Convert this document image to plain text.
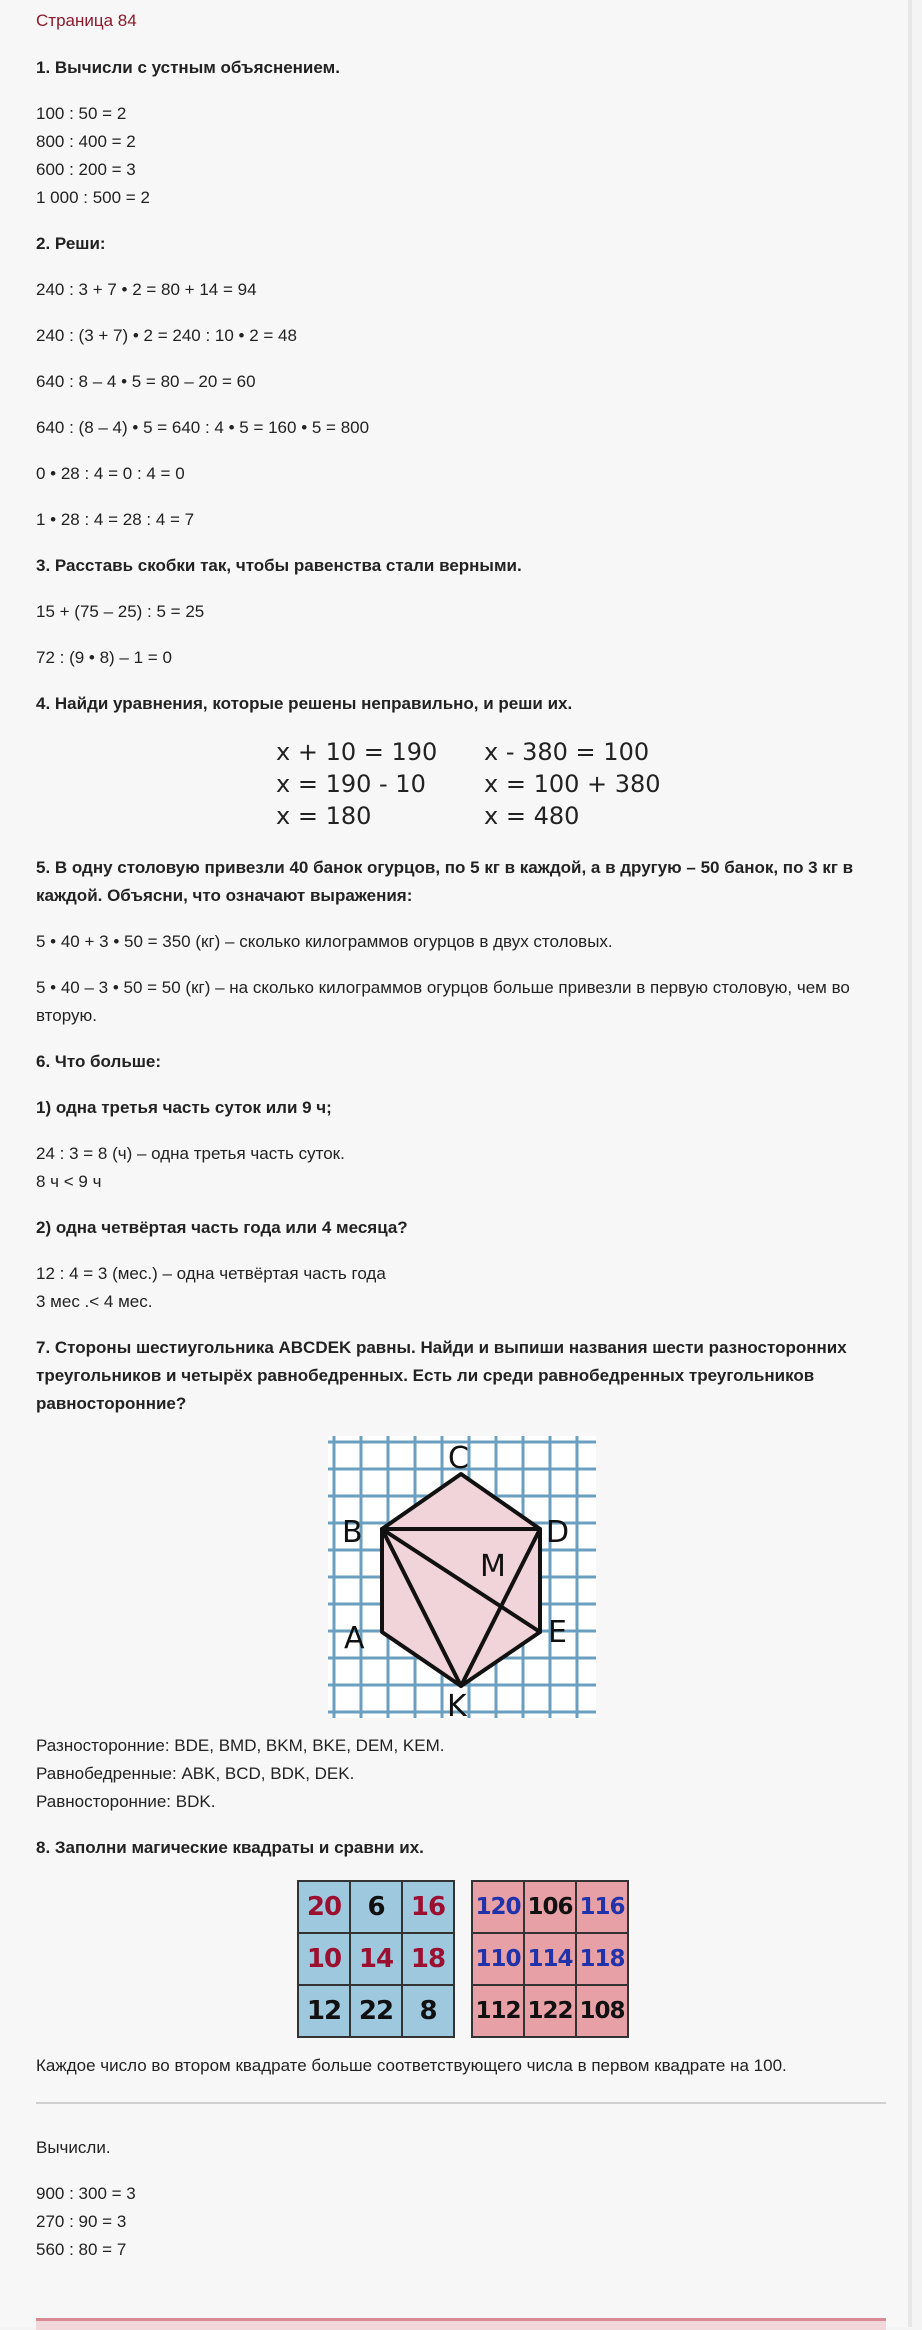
Страница 84
1. Вычисли с устным объяснением.
100 : 50 = 2
800 : 400 = 2
600 : 200 = 3
1 000 : 500 = 2
2. Реши:
240 : 3 + 7 • 2 = 80 + 14 = 94
240 : (3 + 7) • 2 = 240 : 10 • 2 = 48
640 : 8 – 4 • 5 = 80 – 20 = 60
640 : (8 – 4) • 5 = 640 : 4 • 5 = 160 • 5 = 800
0 • 28 : 4 = 0 : 4 = 0
1 • 28 : 4 = 28 : 4 = 7
3. Расставь скобки так, чтобы равенства стали верными.
15 + (75 – 25) : 5 = 25
72 : (9 • 8) – 1 = 0
4. Найди уравнения, которые решены неправильно, и реши их.
x + 10 = 190
x = 190 - 10
x = 180
x - 380 = 100
x = 100 + 380
x = 480
5. В одну столовую привезли 40 банок огурцов, по 5 кг в каждой, а в другую – 50 банок, по 3 кг в каждой. Объясни, что означают выражения:
5 • 40 + 3 • 50 = 350 (кг) – сколько килограммов огурцов в двух столовых.
5 • 40 – 3 • 50 = 50 (кг) – на сколько килограммов огурцов больше привезли в первую столовую, чем во вторую.
6. Что больше:
1) одна третья часть суток или 9 ч;
24 : 3 = 8 (ч) – одна третья часть суток.
8 ч < 9 ч
2) одна четвёртая часть года или 4 месяца?
12 : 4 = 3 (мес.) – одна четвёртая часть года
3 мес .< 4 мес.
7. Стороны шестиугольника ABCDEK равны. Найди и выпиши названия шести разносторонних треугольников и четырёх равнобедренных. Есть ли среди равнобедренных треугольников равносторонние?
C
B	D
M
A	E
K
Разносторонние: BDE, BMD, BKM, BKE, DEM, KEM.
Равнобедренные: ABK, BCD, BDK, DEK.
Равносторонние: BDK.
8. Заполни магические квадраты и сравни их.
20	6	16
10 14 18
12 22	8
120 106 116
110 114 118
112 122 108
Каждое число во втором квадрате больше соответствующего числа в первом квадрате на 100.
Вычисли.
900 : 300 = 3
270 : 90 = 3
560 : 80 = 7
